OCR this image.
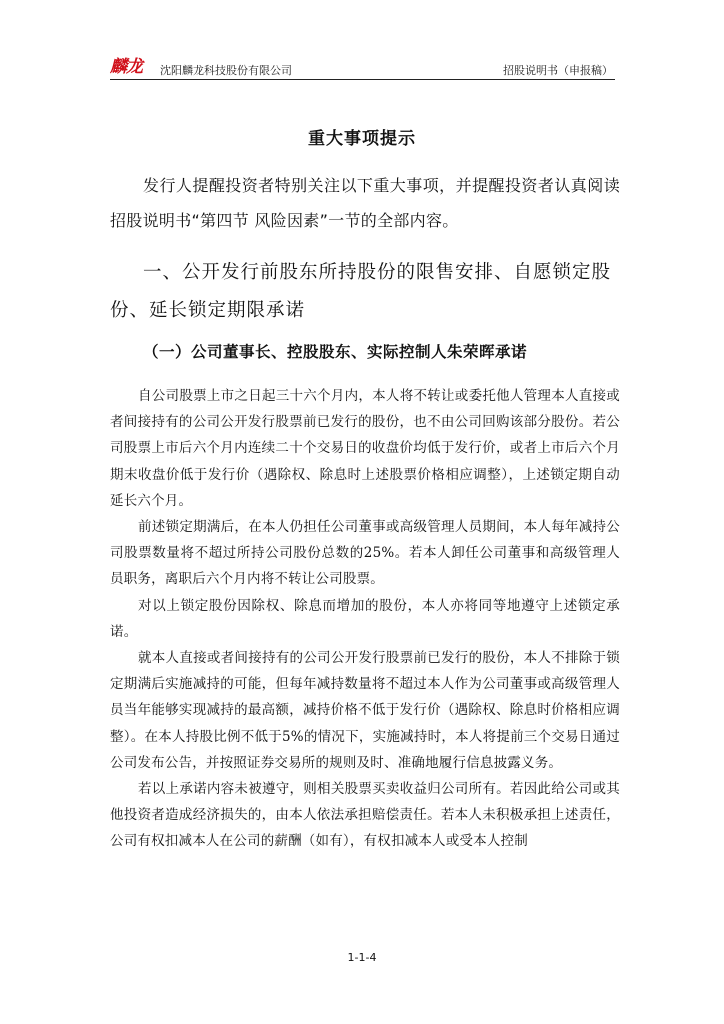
麟龙 沈阳麟龙科技股份有限公司	招股说明书（申报稿）
重大事项提示
发行人提醒投资者特别关注以下重大事项，并提醒投资者认真阅读招股说明书“第四节 风险因素”一节的全部内容。
一、公开发行前股东所持股份的限售安排、自愿锁定股份、延长锁定期限承诺
（一）公司董事长、控股股东、实际控制人朱荣晖承诺

自公司股票上市之日起三十六个月内，本人将不转让或委托他人管理本人直接或者间接持有的公司公开发行股票前已发行的股份，也不由公司回购该部分股份。若公司股票上市后六个月内连续二十个交易日的收盘价均低于发行价，或者上市后六个月期末收盘价低于发行价（遇除权、除息时上述股票价格相应调整），上述锁定期自动延长六个月。

前述锁定期满后，在本人仍担任公司董事或高级管理人员期间，本人每年减持公司股票数量将不超过所持公司股份总数的25%。若本人卸任公司董事和高级管理人员职务，离职后六个月内将不转让公司股票。

对以上锁定股份因除权、除息而增加的股份，本人亦将同等地遵守上述锁定承诺。

就本人直接或者间接持有的公司公开发行股票前已发行的股份，本人不排除于锁定期满后实施减持的可能，但每年减持数量将不超过本人作为公司董事或高级管理人员当年能够实现减持的最高额，减持价格不低于发行价（遇除权、除息时价格相应调整）。在本人持股比例不低于5%的情况下，实施减持时，本人将提前三个交易日通过公司发布公告，并按照证券交易所的规则及时、准确地履行信息披露义务。

若以上承诺内容未被遵守，则相关股票买卖收益归公司所有。若因此给公司或其他投资者造成经济损失的，由本人依法承担赔偿责任。若本人未积极承担上述责任，公司有权扣减本人在公司的薪酬（如有），有权扣减本人或受本人控制

1-1-4
